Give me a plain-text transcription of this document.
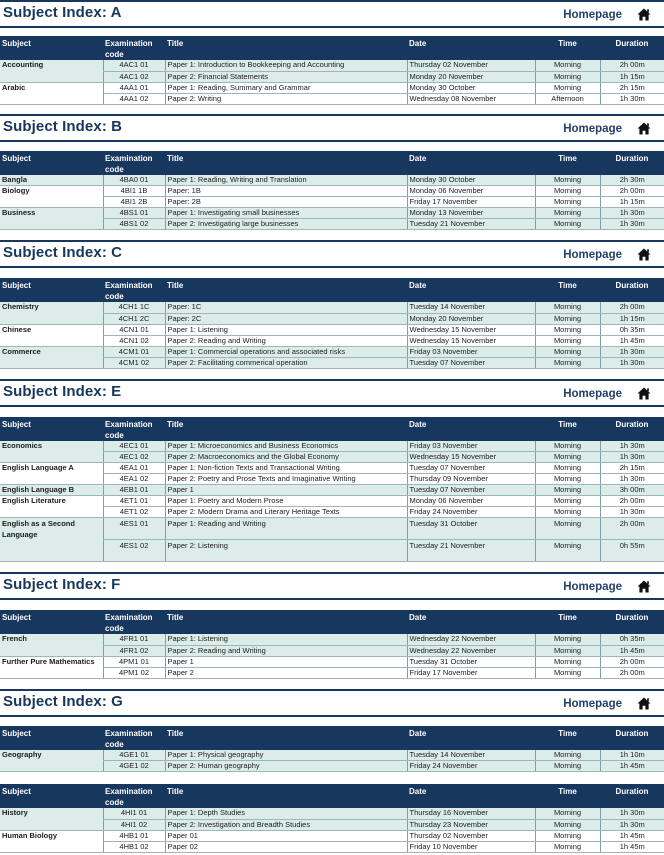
Subject Index: A	Homepage
Subject	Examination code	Title	Date	Time	Duration
Accounting	4AC1 01	Paper 1: Introduction to Bookkeeping and Accounting	Thursday 02 November	Morning	2h 00m
	4AC1 02	Paper 2: Financial Statements	Monday 20 November	Morning	1h 15m
Arabic	4AA1 01	Paper 1: Reading, Summary and Grammar	Monday 30 October	Morning	2h 15m
	4AA1 02	Paper 2: Writing	Wednesday 08 November	Afternoon	1h 30m
Subject Index: B	Homepage
Subject	Examination code	Title	Date	Time	Duration
Bangla	4BA0 01	Paper 1: Reading, Writing and Translation	Monday 30 October	Morning	2h 30m
Biology	4BI1 1B	Paper: 1B	Monday 06 November	Morning	2h 00m
	4BI1 2B	Paper: 2B	Friday 17 November	Morning	1h 15m
Business	4BS1 01	Paper 1: Investigating small businesses	Monday 13 November	Morning	1h 30m
	4BS1 02	Paper 2: Investigating large businesses	Tuesday 21 November	Morning	1h 30m
Subject Index: C	Homepage
Subject	Examination code	Title	Date	Time	Duration
Chemistry	4CH1 1C	Paper: 1C	Tuesday 14 November	Morning	2h 00m
	4CH1 2C	Paper: 2C	Monday 20 November	Morning	1h 15m
Chinese	4CN1 01	Paper 1: Listening	Wednesday 15 November	Morning	0h 35m
	4CN1 02	Paper 2: Reading and Writing	Wednesday 15 November	Morning	1h 45m
Commerce	4CM1 01	Paper 1: Commercial operations and associated risks	Friday 03 November	Morning	1h 30m
	4CM1 02	Paper 2: Facilitating commerical operation	Tuesday 07 November	Morning	1h 30m
Subject Index: E	Homepage
Subject	Examination code	Title	Date	Time	Duration
Economics	4EC1 01	Paper 1: Microeconomics and Business Economics	Friday 03 November	Morning	1h 30m
	4EC1 02	Paper 2: Macroeconomics and the Global Economy	Wednesday 15 November	Morning	1h 30m
English Language A	4EA1 01	Paper 1: Non-fiction Texts and Transactional Writing	Tuesday 07 November	Morning	2h 15m
	4EA1 02	Paper 2: Poetry and Prose Texts and Imaginative Writing	Thursday 09 November	Morning	1h 30m
English Language B	4EB1 01	Paper 1	Tuesday 07 November	Morning	3h 00m
English Literature	4ET1 01	Paper 1: Poetry and Modern Prose	Monday 06 November	Morning	2h 00m
	4ET1 02	Paper 2: Modern Drama and Literary Heritage Texts	Friday 24 November	Morning	1h 30m
English as a Second Language	4ES1 01	Paper 1: Reading and Writing	Tuesday 31 October	Morning	2h 00m
	4ES1 02	Paper 2: Listening	Tuesday 21 November	Morning	0h 55m
Subject Index: F	Homepage
Subject	Examination code	Title	Date	Time	Duration
French	4FR1 01	Paper 1: Listening	Wednesday 22 November	Morning	0h 35m
	4FR1 02	Paper 2: Reading and Writing	Wednesday 22 November	Morning	1h 45m
Further Pure Mathematics	4PM1 01	Paper 1	Tuesday 31 October	Morning	2h 00m
	4PM1 02	Paper 2	Friday 17 November	Morning	2h 00m
Subject Index: G	Homepage
Subject	Examination code	Title	Date	Time	Duration
Geography	4GE1 01	Paper 1: Physical geography	Tuesday 14 November	Morning	1h 10m
	4GE1 02	Paper 2: Human geography	Friday 24 November	Morning	1h 45m
Subject	Examination code	Title	Date	Time	Duration
History	4HI1 01	Paper 1: Depth Studies	Thursday 16 November	Morning	1h 30m
	4HI1 02	Paper 2: Investigation and Breadth Studies	Thursday 23 November	Morning	1h 30m
Human Biology	4HB1 01	Paper 01	Thursday 02 November	Morning	1h 45m
	4HB1 02	Paper 02	Friday 10 November	Morning	1h 45m
